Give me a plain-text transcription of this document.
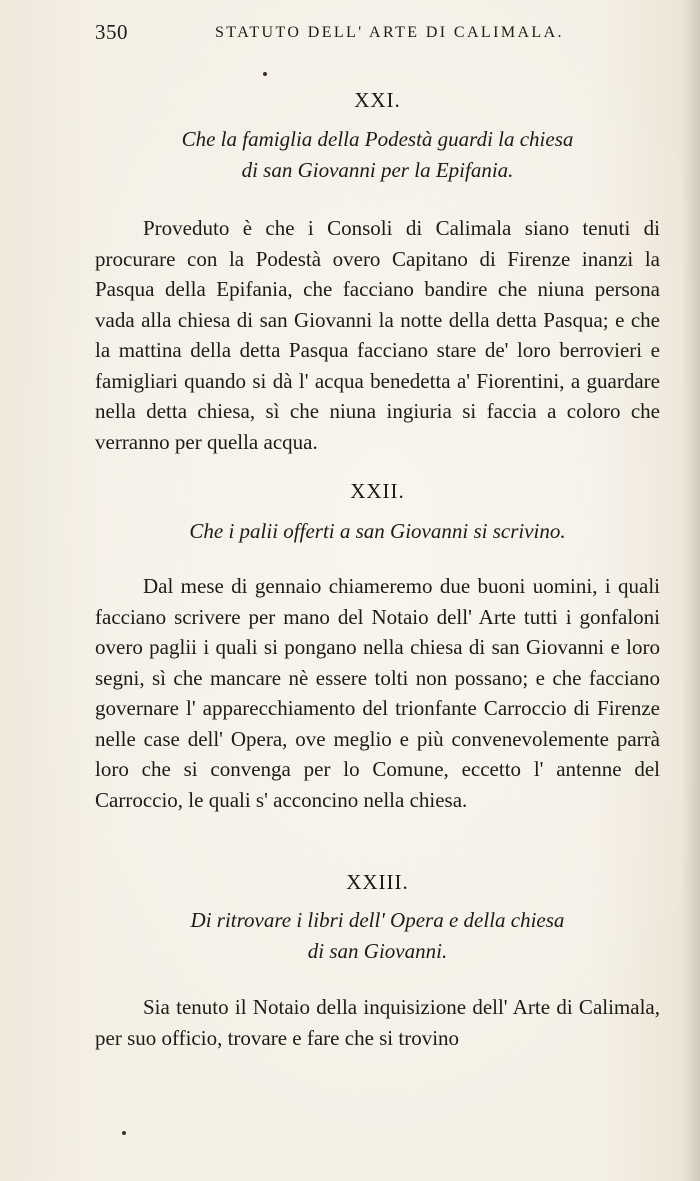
350	STATUTO DELL' ARTE DI CALIMALA.
XXI.
Che la famiglia della Podestà guardi la chiesa
di san Giovanni per la Epifania.
Proveduto è che i Consoli di Calimala siano tenuti di procurare con la Podestà overo Capitano di Firenze inanzi la Pasqua della Epifania, che facciano bandire che niuna persona vada alla chiesa di san Giovanni la notte della detta Pasqua; e che la mattina della detta Pasqua facciano stare de' loro berrovieri e famigliari quando si dà l' acqua benedetta a' Fiorentini, a guardare nella detta chiesa, sì che niuna ingiuria si faccia a coloro che verranno per quella acqua.
XXII.
Che i palii offerti a san Giovanni si scrivino.
Dal mese di gennaio chiameremo due buoni uomini, i quali facciano scrivere per mano del Notaio dell' Arte tutti i gonfaloni overo paglii i quali si pongano nella chiesa di san Giovanni e loro segni, sì che mancare nè essere tolti non possano; e che facciano governare l' apparecchiamento del trionfante Carroccio di Firenze nelle case dell' Opera, ove meglio e più convenevolemente parrà loro che si convenga per lo Comune, eccetto l' antenne del Carroccio, le quali s' acconcino nella chiesa.
XXIII.
Di ritrovare i libri dell' Opera e della chiesa
di san Giovanni.
Sia tenuto il Notaio della inquisizione dell' Arte di Calimala, per suo officio, trovare e fare che si trovino
